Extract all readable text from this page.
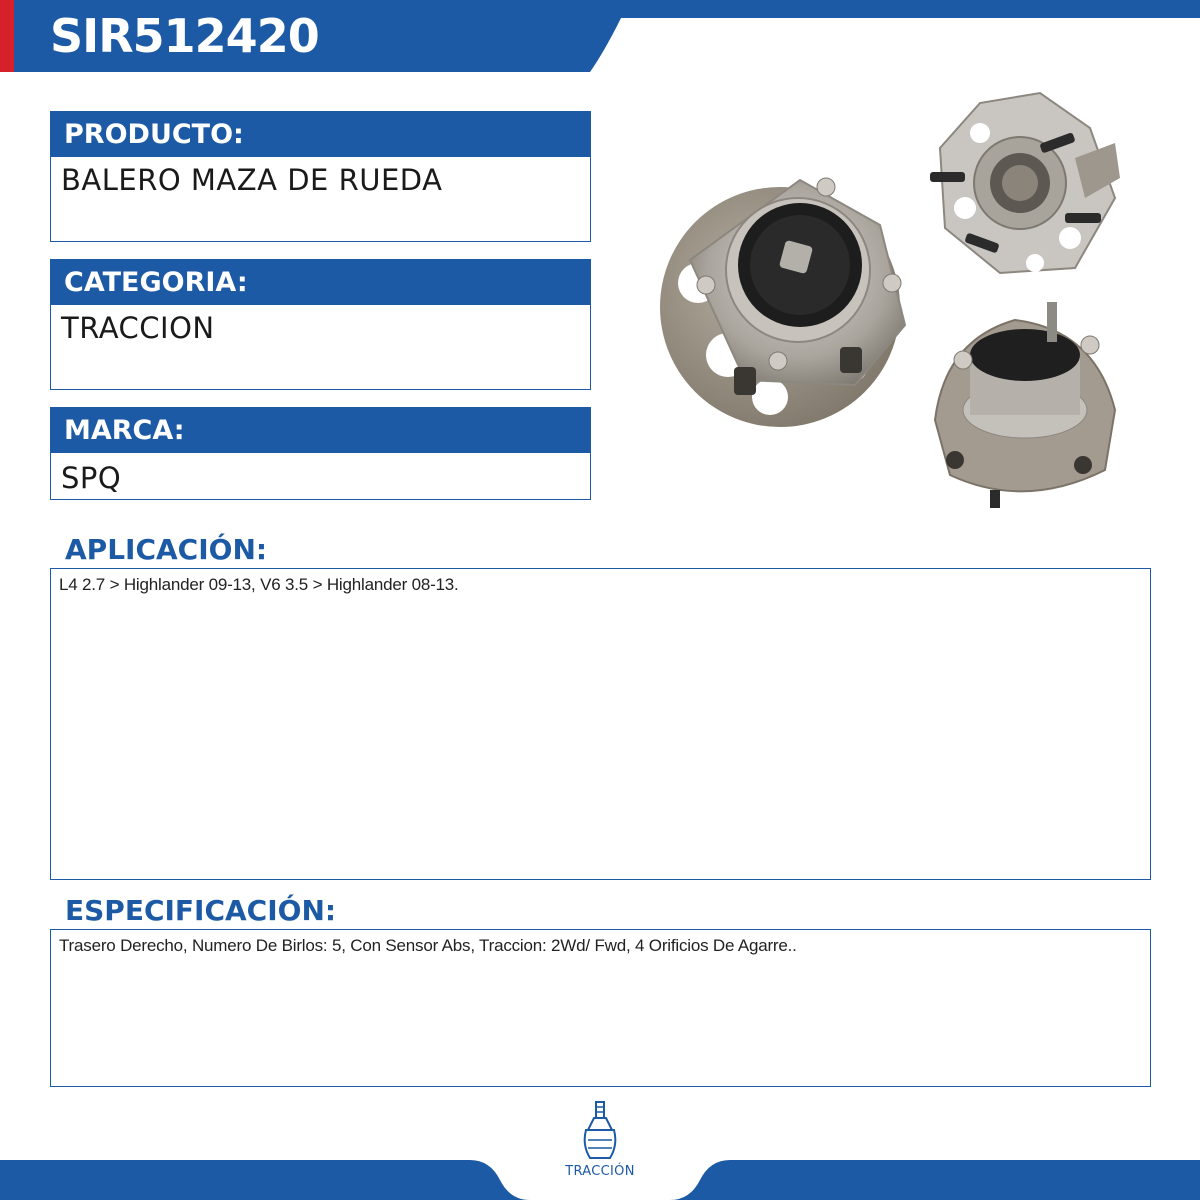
SIR512420
PRODUCTO:
BALERO MAZA DE RUEDA
CATEGORIA:
TRACCION
MARCA:
SPQ
APLICACIÓN:
L4 2.7 > Highlander 09-13, V6 3.5 > Highlander 08-13.
ESPECIFICACIÓN:
Trasero Derecho, Numero De Birlos: 5, Con Sensor Abs, Traccion: 2Wd/ Fwd, 4 Orificios De Agarre..
TRACCIÓN
